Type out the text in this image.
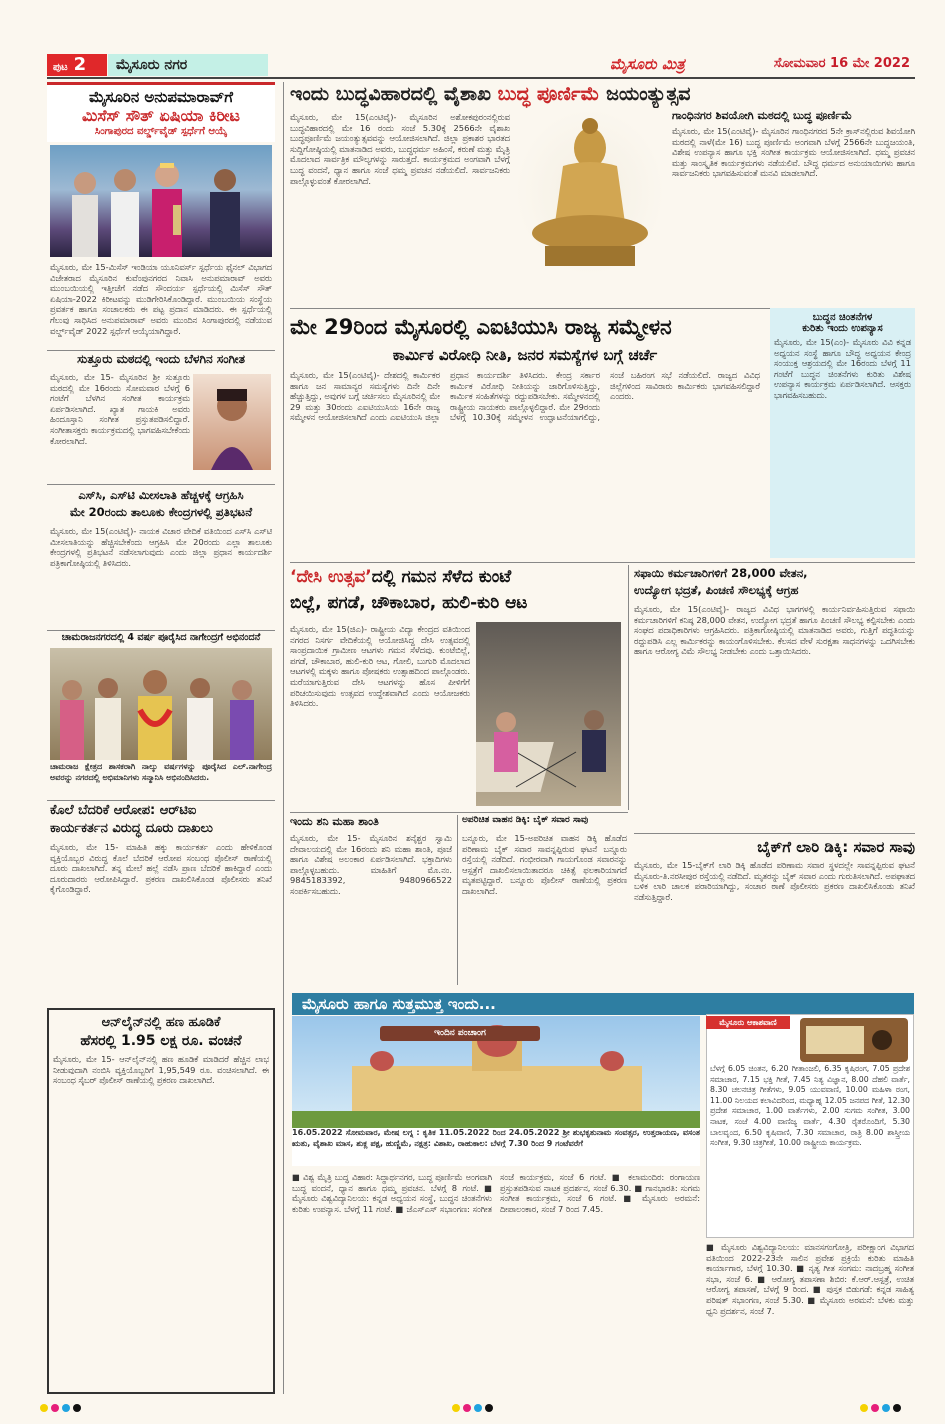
ಪುಟ 2	ಮೈಸೂರು ನಗರ	ಮೈಸೂರು ಮಿತ್ರ	ಸೋಮವಾರ 16 ಮೇ 2022
ಮೈಸೂರಿನ ಅನುಪಮಾರಾವ್‌ಗೆ
ಮಿಸೆಸ್ ಸೌತ್ ಏಷಿಯಾ ಕಿರೀಟ
ಸಿಂಗಾಪುರದ ವರ್ಲ್ಡ್‌ವೈಡ್ ಸ್ಪರ್ಧೆಗೆ ಆಯ್ಕೆ
ಮೈಸೂರು, ಮೇ 15-ಮಿಸೆಸ್ ಇಂಡಿಯಾ ಯೂನಿವರ್ಸ್ ಸ್ಪರ್ಧೆಯ ಫೈನಲ್ ವಿಭಾಗದ ವಿಜೇತರಾದ ಮೈಸೂರಿನ ಕುವೆಂಪುನಗರದ ನಿವಾಸಿ ಅನುಪಮಾರಾವ್ ಅವರು ಮುಂಬಯಿಯಲ್ಲಿ ಇತ್ತೀಚೆಗೆ ನಡೆದ ಸೌಂದರ್ಯ ಸ್ಪರ್ಧೆಯಲ್ಲಿ ಮಿಸೆಸ್ ಸೌತ್ ಏಷಿಯಾ-2022 ಕಿರೀಟವನ್ನು ಮುಡಿಗೇರಿಸಿಕೊಂಡಿದ್ದಾರೆ. ಮುಂಬಯಿಯ ಸಂಸ್ಥೆಯ ಪ್ರವರ್ತಕ ಹಾಗೂ ಸಂಚಾಲಕರು ಈ ಪಟ್ಟ ಪ್ರದಾನ ಮಾಡಿದರು. ಈ ಸ್ಪರ್ಧೆಯಲ್ಲಿ ಗೆಲುವು ಸಾಧಿಸಿದ ಅನುಪಮಾರಾವ್ ಅವರು ಮುಂದಿನ ಸಿಂಗಾಪುರದಲ್ಲಿ ನಡೆಯುವ ವರ್ಲ್ಡ್‌ವೈಡ್ 2022 ಸ್ಪರ್ಧೆಗೆ ಆಯ್ಕೆಯಾಗಿದ್ದಾರೆ.
ಸುತ್ತೂರು ಮಠದಲ್ಲಿ ಇಂದು ಬೆಳಗಿನ ಸಂಗೀತ
ಮೈಸೂರು, ಮೇ 15- ಮೈಸೂರಿನ ಶ್ರೀ ಸುತ್ತೂರು ಮಠದಲ್ಲಿ ಮೇ 16ರಂದು ಸೋಮವಾರ ಬೆಳಗ್ಗೆ 6 ಗಂಟೆಗೆ ಬೆಳಗಿನ ಸಂಗೀತ ಕಾರ್ಯಕ್ರಮ ಏರ್ಪಡಿಸಲಾಗಿದೆ. ಖ್ಯಾತ ಗಾಯಕಿ ಅವರು ಹಿಂದೂಸ್ತಾನಿ ಸಂಗೀತ ಪ್ರಸ್ತುತಪಡಿಸಲಿದ್ದಾರೆ. ಸಂಗೀತಾಸಕ್ತರು ಕಾರ್ಯಕ್ರಮದಲ್ಲಿ ಭಾಗವಹಿಸಬೇಕೆಂದು ಕೋರಲಾಗಿದೆ.
ಎಸ್‌ಸಿ, ಎಸ್‌ಟಿ ಮೀಸಲಾತಿ ಹೆಚ್ಚಳಕ್ಕೆ ಆಗ್ರಹಿಸಿ
ಮೇ 20ರಂದು ತಾಲೂಕು ಕೇಂದ್ರಗಳಲ್ಲಿ ಪ್ರತಿಭಟನೆ
ಮೈಸೂರು, ಮೇ 15(ಎಂಟಿವೈ)- ನಾಯಕ ವಿಚಾರ ವೇದಿಕೆ ವತಿಯಿಂದ ಎಸ್‌ಸಿ ಎಸ್‌ಟಿ ಮೀಸಲಾತಿಯನ್ನು ಹೆಚ್ಚಿಸಬೇಕೆಂದು ಆಗ್ರಹಿಸಿ ಮೇ 20ರಂದು ಎಲ್ಲಾ ತಾಲೂಕು ಕೇಂದ್ರಗಳಲ್ಲಿ ಪ್ರತಿಭಟನೆ ನಡೆಸಲಾಗುವುದು ಎಂದು ಜಿಲ್ಲಾ ಪ್ರಧಾನ ಕಾರ್ಯದರ್ಶಿ ಪತ್ರಿಕಾಗೋಷ್ಠಿಯಲ್ಲಿ ತಿಳಿಸಿದರು.
ಚಾಮರಾಜನಗರದಲ್ಲಿ 4 ವರ್ಷ ಪೂರೈಸಿದ ನಾಗೇಂದ್ರಗೆ ಅಭಿನಂದನೆ
ಚಾಮರಾಜ ಕ್ಷೇತ್ರದ ಶಾಸಕರಾಗಿ ನಾಲ್ಕು ವರ್ಷಗಳನ್ನು ಪೂರೈಸಿದ ಎಲ್.ನಾಗೇಂದ್ರ ಅವರನ್ನು ನಗರದಲ್ಲಿ ಅಭಿಮಾನಿಗಳು ಸನ್ಮಾನಿಸಿ ಅಭಿನಂದಿಸಿದರು.
ಕೊಲೆ ಬೆದರಿಕೆ ಆರೋಪ: ಆರ್‌ಟಿಐ
ಕಾರ್ಯಕರ್ತನ ವಿರುದ್ಧ ದೂರು ದಾಖಲು
ಮೈಸೂರು, ಮೇ 15- ಮಾಹಿತಿ ಹಕ್ಕು ಕಾರ್ಯಕರ್ತ ಎಂದು ಹೇಳಿಕೊಂಡ ವ್ಯಕ್ತಿಯೊಬ್ಬರ ವಿರುದ್ಧ ಕೊಲೆ ಬೆದರಿಕೆ ಆರೋಪ ಸಂಬಂಧ ಪೊಲೀಸ್ ಠಾಣೆಯಲ್ಲಿ ದೂರು ದಾಖಲಾಗಿದೆ. ತನ್ನ ಮೇಲೆ ಹಲ್ಲೆ ನಡೆಸಿ ಪ್ರಾಣ ಬೆದರಿಕೆ ಹಾಕಿದ್ದಾರೆ ಎಂದು ದೂರುದಾರರು ಆರೋಪಿಸಿದ್ದಾರೆ. ಪ್ರಕರಣ ದಾಖಲಿಸಿಕೊಂಡ ಪೊಲೀಸರು ತನಿಖೆ ಕೈಗೊಂಡಿದ್ದಾರೆ.
ಆನ್‌ಲೈನ್‌ನಲ್ಲಿ ಹಣ ಹೂಡಿಕೆ
ಹೆಸರಲ್ಲಿ 1.95 ಲಕ್ಷ ರೂ. ವಂಚನೆ
ಮೈಸೂರು, ಮೇ 15- ಆನ್‌ಲೈನ್‌ನಲ್ಲಿ ಹಣ ಹೂಡಿಕೆ ಮಾಡಿದರೆ ಹೆಚ್ಚಿನ ಲಾಭ ನೀಡುವುದಾಗಿ ನಂಬಿಸಿ ವ್ಯಕ್ತಿಯೊಬ್ಬರಿಗೆ 1,95,549 ರೂ. ವಂಚಿಸಲಾಗಿದೆ. ಈ ಸಂಬಂಧ ಸೈಬರ್ ಪೊಲೀಸ್ ಠಾಣೆಯಲ್ಲಿ ಪ್ರಕರಣ ದಾಖಲಾಗಿದೆ.
ಇಂದು ಬುದ್ಧವಿಹಾರದಲ್ಲಿ ವೈಶಾಖ ಬುದ್ಧ ಪೂರ್ಣಿಮೆ ಜಯಂತ್ಯುತ್ಸವ
ಮೈಸೂರು, ಮೇ 15(ಎಂಟಿವೈ)- ಮೈಸೂರಿನ ಅಶೋಕಪುರಂನಲ್ಲಿರುವ ಬುದ್ಧವಿಹಾರದಲ್ಲಿ ಮೇ 16 ರಂದು ಸಂಜೆ 5.30ಕ್ಕೆ 2566ನೇ ವೈಶಾಖ ಬುದ್ಧಪೂರ್ಣಿಮೆ ಜಯಂತ್ಯುತ್ಸವವನ್ನು ಆಯೋಜಿಸಲಾಗಿದೆ. ಜಿಲ್ಲಾ ಪ್ರಕಾಶರ ಭಾರತದ ಸುದ್ದಿಗೋಷ್ಠಿಯಲ್ಲಿ ಮಾತನಾಡಿದ ಅವರು, ಬುದ್ಧಧರ್ಮ ಅಹಿಂಸೆ, ಕರುಣೆ ಮತ್ತು ಮೈತ್ರಿ ಮೊದಲಾದ ಸಾರ್ವತ್ರಿಕ ಮೌಲ್ಯಗಳನ್ನು ಸಾರುತ್ತದೆ. ಕಾರ್ಯಕ್ರಮದ ಅಂಗವಾಗಿ ಬೆಳಗ್ಗೆ ಬುದ್ಧ ವಂದನೆ, ಧ್ಯಾನ ಹಾಗೂ ಸಂಜೆ ಧಮ್ಮ ಪ್ರವಚನ ನಡೆಯಲಿದೆ. ಸಾರ್ವಜನಿಕರು ಪಾಲ್ಗೊಳ್ಳುವಂತೆ ಕೋರಲಾಗಿದೆ.
ಗಾಂಧಿನಗರ ಶಿವಯೋಗಿ ಮಠದಲ್ಲಿ ಬುದ್ಧ ಪೂರ್ಣಿಮೆ
ಮೈಸೂರು, ಮೇ 15(ಎಂಟಿವೈ)- ಮೈಸೂರಿನ ಗಾಂಧಿನಗರದ 5ನೇ ಕ್ರಾಸ್‌ನಲ್ಲಿರುವ ಶಿವಯೋಗಿ ಮಠದಲ್ಲಿ ನಾಳೆ(ಮೇ 16) ಬುದ್ಧ ಪೂರ್ಣಿಮೆ ಅಂಗವಾಗಿ ಬೆಳಗ್ಗೆ 2566ನೇ ಬುದ್ಧಜಯಂತಿ, ವಿಶೇಷ ಉಪನ್ಯಾಸ ಹಾಗೂ ಭಕ್ತಿ ಸಂಗೀತ ಕಾರ್ಯಕ್ರಮ ಆಯೋಜಿಸಲಾಗಿದೆ. ಧಮ್ಮ ಪ್ರವಚನ ಮತ್ತು ಸಾಂಸ್ಕೃತಿಕ ಕಾರ್ಯಕ್ರಮಗಳು ನಡೆಯಲಿವೆ. ಬೌದ್ಧ ಧರ್ಮದ ಅನುಯಾಯಿಗಳು ಹಾಗೂ ಸಾರ್ವಜನಿಕರು ಭಾಗವಹಿಸುವಂತೆ ಮನವಿ ಮಾಡಲಾಗಿದೆ.
ಮೇ 29ರಿಂದ ಮೈಸೂರಲ್ಲಿ ಎಐಟಿಯುಸಿ ರಾಜ್ಯ ಸಮ್ಮೇಳನ
ಕಾರ್ಮಿಕ ವಿರೋಧಿ ನೀತಿ, ಜನರ ಸಮಸ್ಯೆಗಳ ಬಗ್ಗೆ ಚರ್ಚೆ
ಮೈಸೂರು, ಮೇ 15(ಎಂಟಿವೈ)- ದೇಶದಲ್ಲಿ ಕಾರ್ಮಿಕರ ಹಾಗೂ ಜನ ಸಾಮಾನ್ಯರ ಸಮಸ್ಯೆಗಳು ದಿನೇ ದಿನೇ ಹೆಚ್ಚುತ್ತಿದ್ದು, ಅವುಗಳ ಬಗ್ಗೆ ಚರ್ಚಿಸಲು ಮೈಸೂರಿನಲ್ಲಿ ಮೇ 29 ಮತ್ತು 30ರಂದು ಎಐಟಿಯುಸಿಯ 16ನೇ ರಾಜ್ಯ ಸಮ್ಮೇಳನ ಆಯೋಜಿಸಲಾಗಿದೆ ಎಂದು ಎಐಟಿಯುಸಿ ಜಿಲ್ಲಾ ಪ್ರಧಾನ ಕಾರ್ಯದರ್ಶಿ ತಿಳಿಸಿದರು. ಕೇಂದ್ರ ಸರ್ಕಾರ ಕಾರ್ಮಿಕ ವಿರೋಧಿ ನೀತಿಯನ್ನು ಜಾರಿಗೊಳಿಸುತ್ತಿದ್ದು, ಕಾರ್ಮಿಕ ಸಂಹಿತೆಗಳನ್ನು ರದ್ದುಪಡಿಸಬೇಕು. ಸಮ್ಮೇಳನದಲ್ಲಿ ರಾಷ್ಟ್ರೀಯ ನಾಯಕರು ಪಾಲ್ಗೊಳ್ಳಲಿದ್ದಾರೆ. ಮೇ 29ರಂದು ಬೆಳಗ್ಗೆ 10.30ಕ್ಕೆ ಸಮ್ಮೇಳನ ಉದ್ಘಾಟನೆಯಾಗಲಿದ್ದು, ಸಂಜೆ ಬಹಿರಂಗ ಸಭೆ ನಡೆಯಲಿದೆ. ರಾಜ್ಯದ ವಿವಿಧ ಜಿಲ್ಲೆಗಳಿಂದ ಸಾವಿರಾರು ಕಾರ್ಮಿಕರು ಭಾಗವಹಿಸಲಿದ್ದಾರೆ ಎಂದರು.
ಬುದ್ಧನ ಚಿಂತನೆಗಳ
ಕುರಿತು ಇಂದು ಉಪನ್ಯಾಸ
ಮೈಸೂರು, ಮೇ 15(ಎಂ)- ಮೈಸೂರು ವಿವಿ ಕನ್ನಡ ಅಧ್ಯಯನ ಸಂಸ್ಥೆ ಹಾಗೂ ಬೌದ್ಧ ಅಧ್ಯಯನ ಕೇಂದ್ರ ಸಂಯುಕ್ತ ಆಶ್ರಯದಲ್ಲಿ ಮೇ 16ರಂದು ಬೆಳಗ್ಗೆ 11 ಗಂಟೆಗೆ ಬುದ್ಧನ ಚಿಂತನೆಗಳು ಕುರಿತು ವಿಶೇಷ ಉಪನ್ಯಾಸ ಕಾರ್ಯಕ್ರಮ ಏರ್ಪಡಿಸಲಾಗಿದೆ. ಆಸಕ್ತರು ಭಾಗವಹಿಸಬಹುದು.
‘ದೇಸಿ ಉತ್ಸವ’ದಲ್ಲಿ ಗಮನ ಸೆಳೆದ ಕುಂಟೆ
ಬಿಲ್ಲೆ, ಪಗಡೆ, ಚೌಕಾಬಾರ, ಹುಲಿ-ಕುರಿ ಆಟ
ಮೈಸೂರು, ಮೇ 15(ಜಿಎ)- ರಾಷ್ಟ್ರೀಯ ವಿದ್ಯಾ ಕೇಂದ್ರದ ವತಿಯಿಂದ ನಗರದ ನಿಸರ್ಗ ವೇದಿಕೆಯಲ್ಲಿ ಆಯೋಜಿಸಿದ್ದ ದೇಸಿ ಉತ್ಸವದಲ್ಲಿ ಸಾಂಪ್ರದಾಯಿಕ ಗ್ರಾಮೀಣ ಆಟಗಳು ಗಮನ ಸೆಳೆದವು. ಕುಂಟೆಬಿಲ್ಲೆ, ಪಗಡೆ, ಚೌಕಾಬಾರ, ಹುಲಿ-ಕುರಿ ಆಟ, ಗೋಲಿ, ಬುಗುರಿ ಮೊದಲಾದ ಆಟಗಳಲ್ಲಿ ಮಕ್ಕಳು ಹಾಗೂ ಪೋಷಕರು ಉತ್ಸಾಹದಿಂದ ಪಾಲ್ಗೊಂಡರು. ಮರೆಯಾಗುತ್ತಿರುವ ದೇಸಿ ಆಟಗಳನ್ನು ಹೊಸ ಪೀಳಿಗೆಗೆ ಪರಿಚಯಿಸುವುದು ಉತ್ಸವದ ಉದ್ದೇಶವಾಗಿದೆ ಎಂದು ಆಯೋಜಕರು ತಿಳಿಸಿದರು.
ಸಫಾಯಿ ಕರ್ಮಚಾರಿಗಳಿಗೆ 28,000 ವೇತನ,
ಉದ್ಯೋಗ ಭದ್ರತೆ, ಪಿಂಚಣಿ ಸೌಲಭ್ಯಕ್ಕೆ ಆಗ್ರಹ
ಮೈಸೂರು, ಮೇ 15(ಎಂಟಿವೈ)- ರಾಜ್ಯದ ವಿವಿಧ ಭಾಗಗಳಲ್ಲಿ ಕಾರ್ಯನಿರ್ವಹಿಸುತ್ತಿರುವ ಸಫಾಯಿ ಕರ್ಮಚಾರಿಗಳಿಗೆ ಕನಿಷ್ಠ 28,000 ವೇತನ, ಉದ್ಯೋಗ ಭದ್ರತೆ ಹಾಗೂ ಪಿಂಚಣಿ ಸೌಲಭ್ಯ ಕಲ್ಪಿಸಬೇಕು ಎಂದು ಸಂಘದ ಪದಾಧಿಕಾರಿಗಳು ಆಗ್ರಹಿಸಿದರು. ಪತ್ರಿಕಾಗೋಷ್ಠಿಯಲ್ಲಿ ಮಾತನಾಡಿದ ಅವರು, ಗುತ್ತಿಗೆ ಪದ್ಧತಿಯನ್ನು ರದ್ದುಪಡಿಸಿ ಎಲ್ಲ ಕಾರ್ಮಿಕರನ್ನು ಕಾಯಂಗೊಳಿಸಬೇಕು. ಕೆಲಸದ ವೇಳೆ ಸುರಕ್ಷತಾ ಸಾಧನಗಳನ್ನು ಒದಗಿಸಬೇಕು ಹಾಗೂ ಆರೋಗ್ಯ ವಿಮೆ ಸೌಲಭ್ಯ ನೀಡಬೇಕು ಎಂದು ಒತ್ತಾಯಿಸಿದರು.
ಇಂದು ಶನಿ ಮಹಾ ಶಾಂತಿ
ಮೈಸೂರು, ಮೇ 15- ಮೈಸೂರಿನ ಶನೈಶ್ಚರ ಸ್ವಾಮಿ ದೇವಾಲಯದಲ್ಲಿ ಮೇ 16ರಂದು ಶನಿ ಮಹಾ ಶಾಂತಿ, ಪೂಜೆ ಹಾಗೂ ವಿಶೇಷ ಅಲಂಕಾರ ಏರ್ಪಡಿಸಲಾಗಿದೆ. ಭಕ್ತಾದಿಗಳು ಪಾಲ್ಗೊಳ್ಳಬಹುದು. ಮಾಹಿತಿಗೆ ಮೊ.ನಂ. 9845183392, 9480966522 ಸಂಪರ್ಕಿಸಬಹುದು.
ಅಪರಿಚಿತ ವಾಹನ ಡಿಕ್ಕಿ: ಬೈಕ್ ಸವಾರ ಸಾವು
ಬನ್ನೂರು, ಮೇ 15-ಅಪರಿಚಿತ ವಾಹನ ಡಿಕ್ಕಿ ಹೊಡೆದ ಪರಿಣಾಮ ಬೈಕ್ ಸವಾರ ಸಾವನ್ನಪ್ಪಿರುವ ಘಟನೆ ಬನ್ನೂರು ರಸ್ತೆಯಲ್ಲಿ ನಡೆದಿದೆ. ಗಂಭೀರವಾಗಿ ಗಾಯಗೊಂಡ ಸವಾರನನ್ನು ಆಸ್ಪತ್ರೆಗೆ ದಾಖಲಿಸಲಾಯಿತಾದರೂ ಚಿಕಿತ್ಸೆ ಫಲಕಾರಿಯಾಗದೆ ಮೃತಪಟ್ಟಿದ್ದಾರೆ. ಬನ್ನೂರು ಪೊಲೀಸ್ ಠಾಣೆಯಲ್ಲಿ ಪ್ರಕರಣ ದಾಖಲಾಗಿದೆ.
ಬೈಕ್‌ಗೆ ಲಾರಿ ಡಿಕ್ಕಿ: ಸವಾರ ಸಾವು
ಮೈಸೂರು, ಮೇ 15-ಬೈಕ್‌ಗೆ ಲಾರಿ ಡಿಕ್ಕಿ ಹೊಡೆದ ಪರಿಣಾಮ ಸವಾರ ಸ್ಥಳದಲ್ಲೇ ಸಾವನ್ನಪ್ಪಿರುವ ಘಟನೆ ಮೈಸೂರು-ತಿ.ನರಸೀಪುರ ರಸ್ತೆಯಲ್ಲಿ ನಡೆದಿದೆ. ಮೃತರನ್ನು ಬೈಕ್ ಸವಾರ ಎಂದು ಗುರುತಿಸಲಾಗಿದೆ. ಅಪಘಾತದ ಬಳಿಕ ಲಾರಿ ಚಾಲಕ ಪರಾರಿಯಾಗಿದ್ದು, ಸಂಚಾರ ಠಾಣೆ ಪೊಲೀಸರು ಪ್ರಕರಣ ದಾಖಲಿಸಿಕೊಂಡು ತನಿಖೆ ನಡೆಸುತ್ತಿದ್ದಾರೆ.
ಮೈಸೂರು ಹಾಗೂ ಸುತ್ತಮುತ್ತ ಇಂದು...
ಇಂದಿನ ಪಂಚಾಂಗ
16.05.2022 ಸೋಮವಾರ, ಮೇಷ ಲಗ್ನ : ಕೃತಿಕ 11.05.2022 ರಿಂದ 24.05.2022 ಶ್ರೀ ಶುಭಕೃತುನಾಮ ಸಂವತ್ಸರ, ಉತ್ತರಾಯಣ, ವಸಂತ ಋತು, ವೈಶಾಖ ಮಾಸ, ಶುಕ್ಲ ಪಕ್ಷ, ಹುಣ್ಣಿಮೆ, ನಕ್ಷತ್ರ: ವಿಶಾಖ, ರಾಹುಕಾಲ: ಬೆಳಗ್ಗೆ 7.30 ರಿಂದ 9 ಗಂಟೆವರೆಗೆ
ಮೈಸೂರು ಆಕಾಶವಾಣಿ
ಬೆಳಗ್ಗೆ 6.05 ಚಿಂತನ, 6.20 ಗೀತಾಂಜಲಿ, 6.35 ಕೃಷಿರಂಗ, 7.05 ಪ್ರದೇಶ ಸಮಾಚಾರ, 7.15 ಭಕ್ತಿ ಗೀತೆ, 7.45 ನಿತ್ಯ ವಿಜ್ಞಾನ, 8.00 ದೆಹಲಿ ವಾರ್ತೆ, 8.30 ಚಲನಚಿತ್ರ ಗೀತೆಗಳು, 9.05 ಯುವವಾಣಿ, 10.00 ಮಹಿಳಾ ರಂಗ, 11.00 ನಿಲಯದ ಕಲಾವಿದರಿಂದ, ಮಧ್ಯಾಹ್ನ 12.05 ಜನಪದ ಗೀತೆ, 12.30 ಪ್ರದೇಶ ಸಮಾಚಾರ, 1.00 ವಾರ್ತೆಗಳು, 2.00 ಸುಗಮ ಸಂಗೀತ, 3.00 ನಾಟಕ, ಸಂಜೆ 4.00 ವಾಣಿಜ್ಯ ವಾರ್ತೆ, 4.30 ರೈತರೊಂದಿಗೆ, 5.30 ಬಾಲವೃಂದ, 6.50 ಕೃಷಿವಾಣಿ, 7.30 ಸಮಾಚಾರ, ರಾತ್ರಿ 8.00 ಶಾಸ್ತ್ರೀಯ ಸಂಗೀತ, 9.30 ಚಿತ್ರಗೀತೆ, 10.00 ರಾಷ್ಟ್ರೀಯ ಕಾರ್ಯಕ್ರಮ.
■ ವಿಶ್ವ ಮೈತ್ರಿ ಬುದ್ಧ ವಿಹಾರ: ಸಿದ್ಧಾರ್ಥನಗರ, ಬುದ್ಧ ಪೂರ್ಣಿಮೆ ಅಂಗವಾಗಿ ಬುದ್ಧ ವಂದನೆ, ಧ್ಯಾನ ಹಾಗೂ ಧಮ್ಮ ಪ್ರವಚನ. ಬೆಳಗ್ಗೆ 8 ಗಂಟೆ. ■ ಮೈಸೂರು ವಿಶ್ವವಿದ್ಯಾನಿಲಯ: ಕನ್ನಡ ಅಧ್ಯಯನ ಸಂಸ್ಥೆ, ಬುದ್ಧನ ಚಿಂತನೆಗಳು ಕುರಿತು ಉಪನ್ಯಾಸ. ಬೆಳಗ್ಗೆ 11 ಗಂಟೆ. ■ ಜೆಎಸ್‌ಎಸ್ ಸಭಾಂಗಣ: ಸಂಗೀತ ಸಂಜೆ ಕಾರ್ಯಕ್ರಮ, ಸಂಜೆ 6 ಗಂಟೆ. ■ ಕಲಾಮಂದಿರ: ರಂಗಾಯಣ ಪ್ರಸ್ತುತಪಡಿಸುವ ನಾಟಕ ಪ್ರದರ್ಶನ, ಸಂಜೆ 6.30. ■ ಗಾನಭಾರತಿ: ಸುಗಮ ಸಂಗೀತ ಕಾರ್ಯಕ್ರಮ, ಸಂಜೆ 6 ಗಂಟೆ. ■ ಮೈಸೂರು ಅರಮನೆ: ದೀಪಾಲಂಕಾರ, ಸಂಜೆ 7 ರಿಂದ 7.45.
■ ಮೈಸೂರು ವಿಶ್ವವಿದ್ಯಾನಿಲಯ: ಮಾನಸಗಂಗೋತ್ರಿ, ಪರೀಕ್ಷಾಂಗ ವಿಭಾಗದ ವತಿಯಿಂದ 2022-23ನೇ ಸಾಲಿನ ಪ್ರವೇಶ ಪ್ರಕ್ರಿಯೆ ಕುರಿತು ಮಾಹಿತಿ ಕಾರ್ಯಾಗಾರ, ಬೆಳಗ್ಗೆ 10.30. ■ ನೃತ್ಯ ಗೀತ ಸಂಗಮ: ನಾದಬ್ರಹ್ಮ ಸಂಗೀತ ಸಭಾ, ಸಂಜೆ 6. ■ ಆರೋಗ್ಯ ತಪಾಸಣಾ ಶಿಬಿರ: ಕೆ.ಆರ್.ಆಸ್ಪತ್ರೆ, ಉಚಿತ ಆರೋಗ್ಯ ತಪಾಸಣೆ, ಬೆಳಗ್ಗೆ 9 ರಿಂದ. ■ ಪುಸ್ತಕ ಬಿಡುಗಡೆ: ಕನ್ನಡ ಸಾಹಿತ್ಯ ಪರಿಷತ್ ಸಭಾಂಗಣ, ಸಂಜೆ 5.30. ■ ಮೈಸೂರು ಅರಮನೆ: ಬೆಳಕು ಮತ್ತು ಧ್ವನಿ ಪ್ರದರ್ಶನ, ಸಂಜೆ 7.
